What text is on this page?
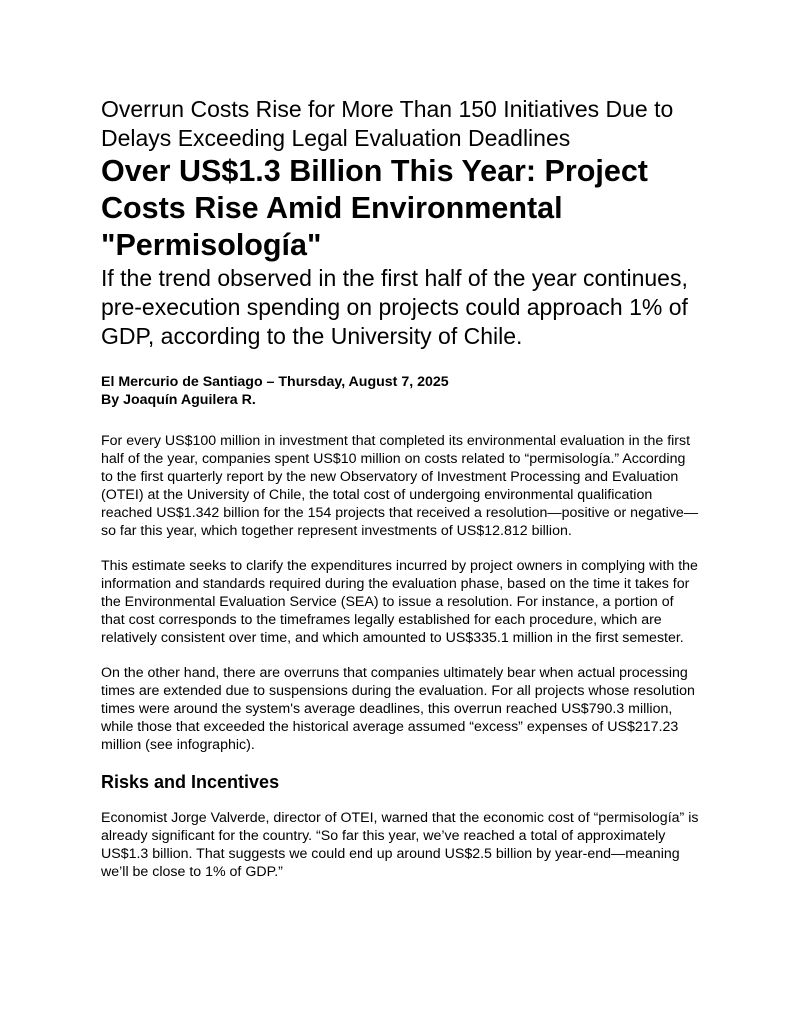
Overrun Costs Rise for More Than 150 Initiatives Due to Delays Exceeding Legal Evaluation Deadlines

Over US$1.3 Billion This Year: Project Costs Rise Amid Environmental "Permisología"

If the trend observed in the first half of the year continues, pre-execution spending on projects could approach 1% of GDP, according to the University of Chile.

El Mercurio de Santiago – Thursday, August 7, 2025
By Joaquín Aguilera R.

For every US$100 million in investment that completed its environmental evaluation in the first half of the year, companies spent US$10 million on costs related to “permisología.” According to the first quarterly report by the new Observatory of Investment Processing and Evaluation (OTEI) at the University of Chile, the total cost of undergoing environmental qualification reached US$1.342 billion for the 154 projects that received a resolution—positive or negative—so far this year, which together represent investments of US$12.812 billion.

This estimate seeks to clarify the expenditures incurred by project owners in complying with the information and standards required during the evaluation phase, based on the time it takes for the Environmental Evaluation Service (SEA) to issue a resolution. For instance, a portion of that cost corresponds to the timeframes legally established for each procedure, which are relatively consistent over time, and which amounted to US$335.1 million in the first semester.

On the other hand, there are overruns that companies ultimately bear when actual processing times are extended due to suspensions during the evaluation. For all projects whose resolution times were around the system's average deadlines, this overrun reached US$790.3 million, while those that exceeded the historical average assumed “excess” expenses of US$217.23 million (see infographic).

Risks and Incentives

Economist Jorge Valverde, director of OTEI, warned that the economic cost of “permisología” is already significant for the country. “So far this year, we’ve reached a total of approximately US$1.3 billion. That suggests we could end up around US$2.5 billion by year-end—meaning we’ll be close to 1% of GDP.”
